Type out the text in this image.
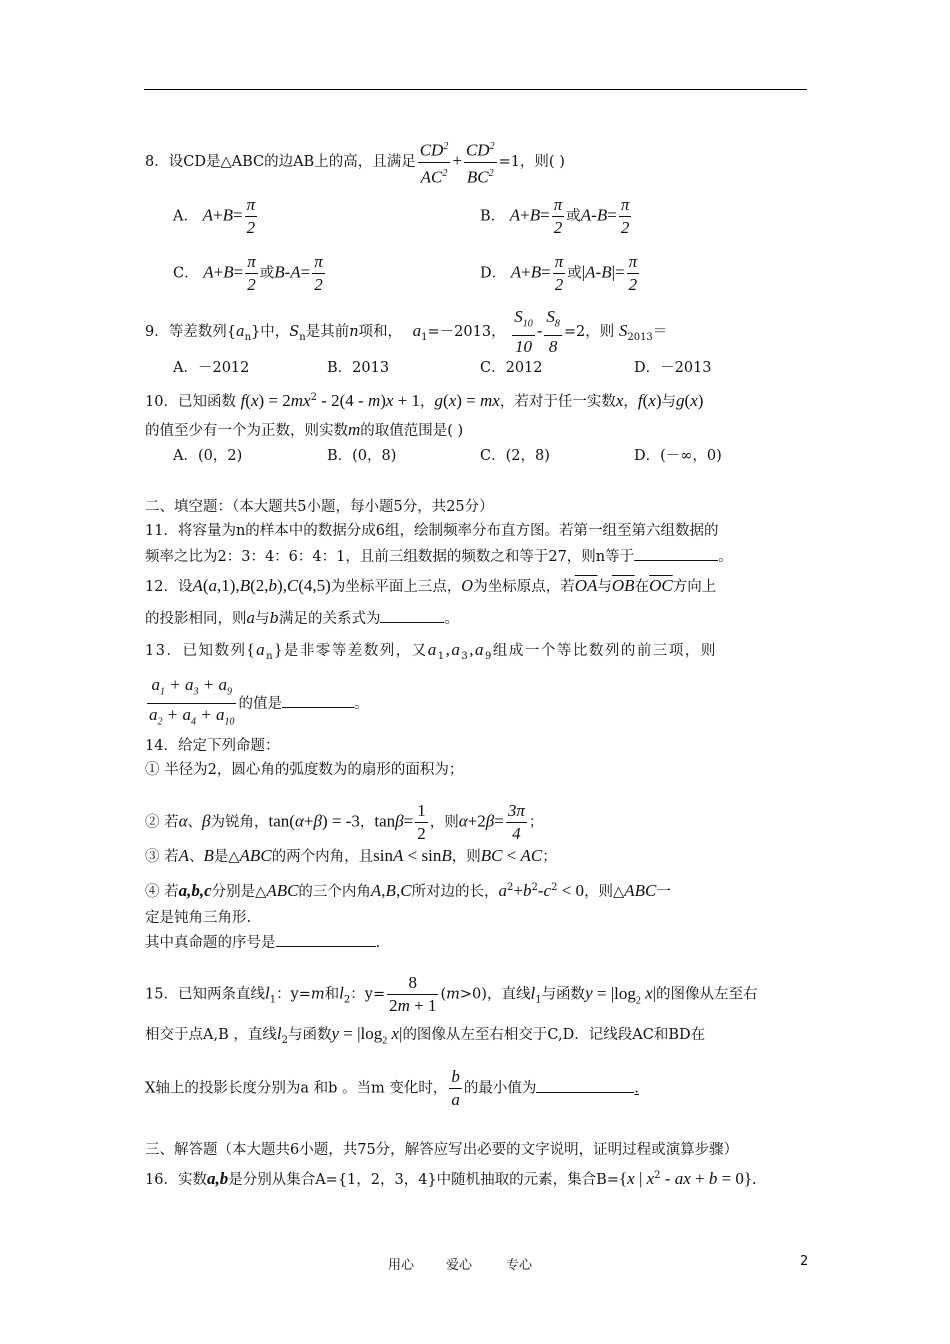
8．设CD是△ABC的边AB上的高，且满足 $\frac{CD^2}{AC^2} + \frac{CD^2}{BC^2} =1$，则( )
A． $A+B= \frac{\pi}{2}$	B． $A+B= \frac{\pi}{2}$ 或$A-B= \frac{\pi}{2}$
C． $A+B= \frac{\pi}{2}$ 或$B-A= \frac{\pi}{2}$	D． $A+B= \frac{\pi}{2}$ 或$|A-B|= \frac{\pi}{2}$
9．等差数列$\{a_n\}$中，$S_n$是其前n项和， $a_1=-2013$， $\frac{S_{10}}{10} - \frac{S_8}{8} =2$，则 $S_{2013}=$
A．－2012	B．2013	C．2012	D．－2013
10．已知函数 $f(x) = 2mx^2 - 2(4 - m)x + 1$，g(x) = mx，若对于任一实数x，f(x)与g(x)
的值至少有一个为正数，则实数m的取值范围是( )
A．(0，2)	B．(0，8)	C．(2，8)	D．(－∞，0)
二、填空题：（本大题共5小题，每小题5分，共25分）
11．将容量为n的样本中的数据分成6组，绘制频率分布直方图。若第一组至第六组数据的
频率之比为2：3：4：6：4：1，且前三组数据的频数之和等于27，则n等于	。
12．设A(a,1),B(2,b),C(4,5)为坐标平面上三点，O为坐标原点，若$\overline{OA}$与$\overline{OB}$在$\overline{OC}$方向上
的投影相同，则a与b满足的关系式为	。
13．已知数列$\{a_n\}$是非零等差数列，又$a_1,a_3,a_9$组成一个等比数列的前三项，则
$\frac{a_1 + a_3 + a_9}{a_2 + a_4 + a_{10}}$ 的值是	。
14．给定下列命题：
① 半径为2，圆心角的弧度数为的扇形的面积为；
② 若α、β为锐角，tan(α+β) = -3，$\tan\beta= \frac{1}{2}$ ，则$\alpha+2\beta= \frac{3\pi}{4}$ ；
③ 若A、B是△ABC的两个内角，且sinA < sinB，则BC < AC；
④ 若a,b,c分别是△ABC的三个内角A,B,C所对边的长，$a^2+b^2-c^2 < 0$，则△ABC一
定是钝角三角形.
其中真命题的序号是	.
15．已知两条直线$l_1$：y=m和$l_2$：$y= \frac{8}{2m + 1} (m>0)$，直线$l_1$与函数$y = |\log_2$ x|的图像从左至右
相交于点A,B ，直线$l_2$与函数$y = |\log_2$ x|的图像从左至右相交于C,D．记线段AC和BD在
X轴上的投影长度分别为a 和b 。当m 变化时， $\frac{b}{a}$ 的最小值为	.
三、解答题（本大题共6小题，共75分，解答应写出必要的文字说明，证明过程或演算步骤）
16．实数a,b是分别从集合A={1，2，3，4}中随机抽取的元素，集合B={x | $x^2$ - ax + b = 0}.
用心 爱心	专心	2
